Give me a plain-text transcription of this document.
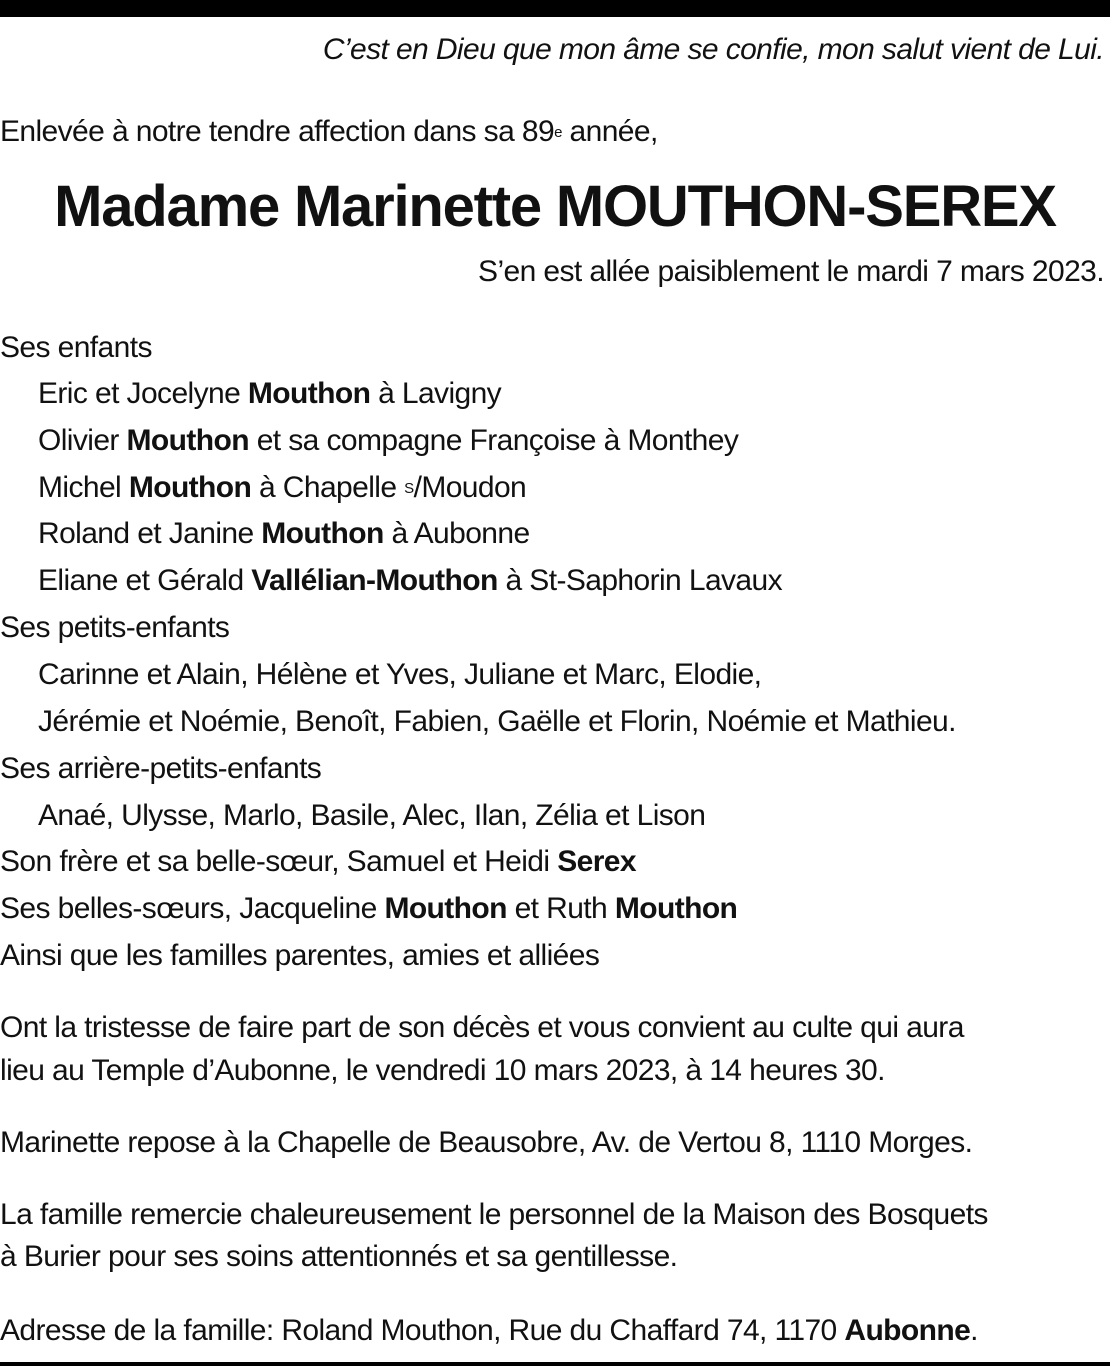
C’est en Dieu que mon âme se confie, mon salut vient de Lui.
Enlevée à notre tendre affection dans sa 89e année,
Madame Marinette MOUTHON-SEREX
S’en est allée paisiblement le mardi 7 mars 2023.
Ses enfants
Eric et Jocelyne Mouthon à Lavigny
Olivier Mouthon et sa compagne Françoise à Monthey
Michel Mouthon à Chapelle $^S$/Moudon
Roland et Janine Mouthon à Aubonne
Eliane et Gérald Vallélian-Mouthon à St-Saphorin Lavaux
Ses petits-enfants
Carinne et Alain, Hélène et Yves, Juliane et Marc, Elodie,
Jérémie et Noémie, Benoît, Fabien, Gaëlle et Florin, Noémie et Mathieu.
Ses arrière-petits-enfants
Anaé, Ulysse, Marlo, Basile, Alec, Ilan, Zélia et Lison
Son frère et sa belle-sœur, Samuel et Heidi Serex
Ses belles-sœurs, Jacqueline Mouthon et Ruth Mouthon
Ainsi que les familles parentes, amies et alliées
Ont la tristesse de faire part de son décès et vous convient au culte qui aura
lieu au Temple d’Aubonne, le vendredi 10 mars 2023, à 14 heures 30.
Marinette repose à la Chapelle de Beausobre, Av. de Vertou 8, 1110 Morges.
La famille remercie chaleureusement le personnel de la Maison des Bosquets
à Burier pour ses soins attentionnés et sa gentillesse.
Adresse de la famille: Roland Mouthon, Rue du Chaffard 74, 1170 Aubonne.
